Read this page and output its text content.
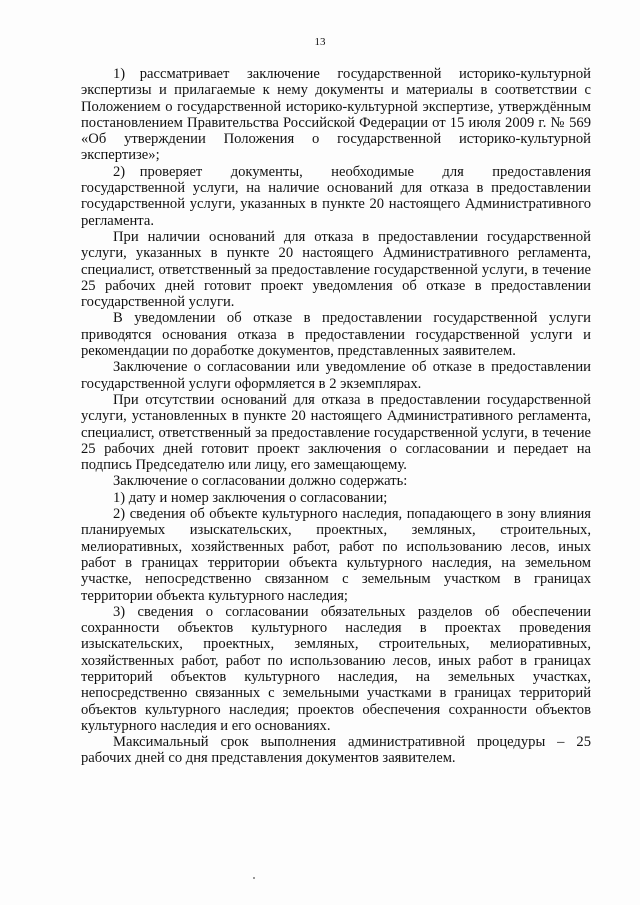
13

1) рассматривает заключение государственной историко-культурной экспертизы и прилагаемые к нему документы и материалы в соответствии с Положением о государственной историко-культурной экспертизе, утверждённым постановлением Правительства Российской Федерации от 15 июля 2009 г. № 569 «Об утверждении Положения о государственной историко-культурной экспертизе»;

2) проверяет документы, необходимые для предоставления государственной услуги, на наличие оснований для отказа в предоставлении государственной услуги, указанных в пункте 20 настоящего Административного регламента.

При наличии оснований для отказа в предоставлении государственной услуги, указанных в пункте 20 настоящего Административного регламента, специалист, ответственный за предоставление государственной услуги, в течение 25 рабочих дней готовит проект уведомления об отказе в предоставлении государственной услуги.

В уведомлении об отказе в предоставлении государственной услуги приводятся основания отказа в предоставлении государственной услуги и рекомендации по доработке документов, представленных заявителем.

Заключение о согласовании или уведомление об отказе в предоставлении государственной услуги оформляется в 2 экземплярах.

При отсутствии оснований для отказа в предоставлении государственной услуги, установленных в пункте 20 настоящего Административного регламента, специалист, ответственный за предоставление государственной услуги, в течение 25 рабочих дней готовит проект заключения о согласовании и передает на подпись Председателю или лицу, его замещающему.

Заключение о согласовании должно содержать:

1) дату и номер заключения о согласовании;

2) сведения об объекте культурного наследия, попадающего в зону влияния планируемых изыскательских, проектных, земляных, строительных, мелиоративных, хозяйственных работ, работ по использованию лесов, иных работ в границах территории объекта культурного наследия, на земельном участке, непосредственно связанном с земельным участком в границах территории объекта культурного наследия;

3) сведения о согласовании обязательных разделов об обеспечении сохранности объектов культурного наследия в проектах проведения изыскательских, проектных, земляных, строительных, мелиоративных, хозяйственных работ, работ по использованию лесов, иных работ в границах территорий объектов культурного наследия, на земельных участках, непосредственно связанных с земельными участками в границах территорий объектов культурного наследия; проектов обеспечения сохранности объектов культурного наследия и его основаниях.

Максимальный срок выполнения административной процедуры – 25 рабочих дней со дня представления документов заявителем.
